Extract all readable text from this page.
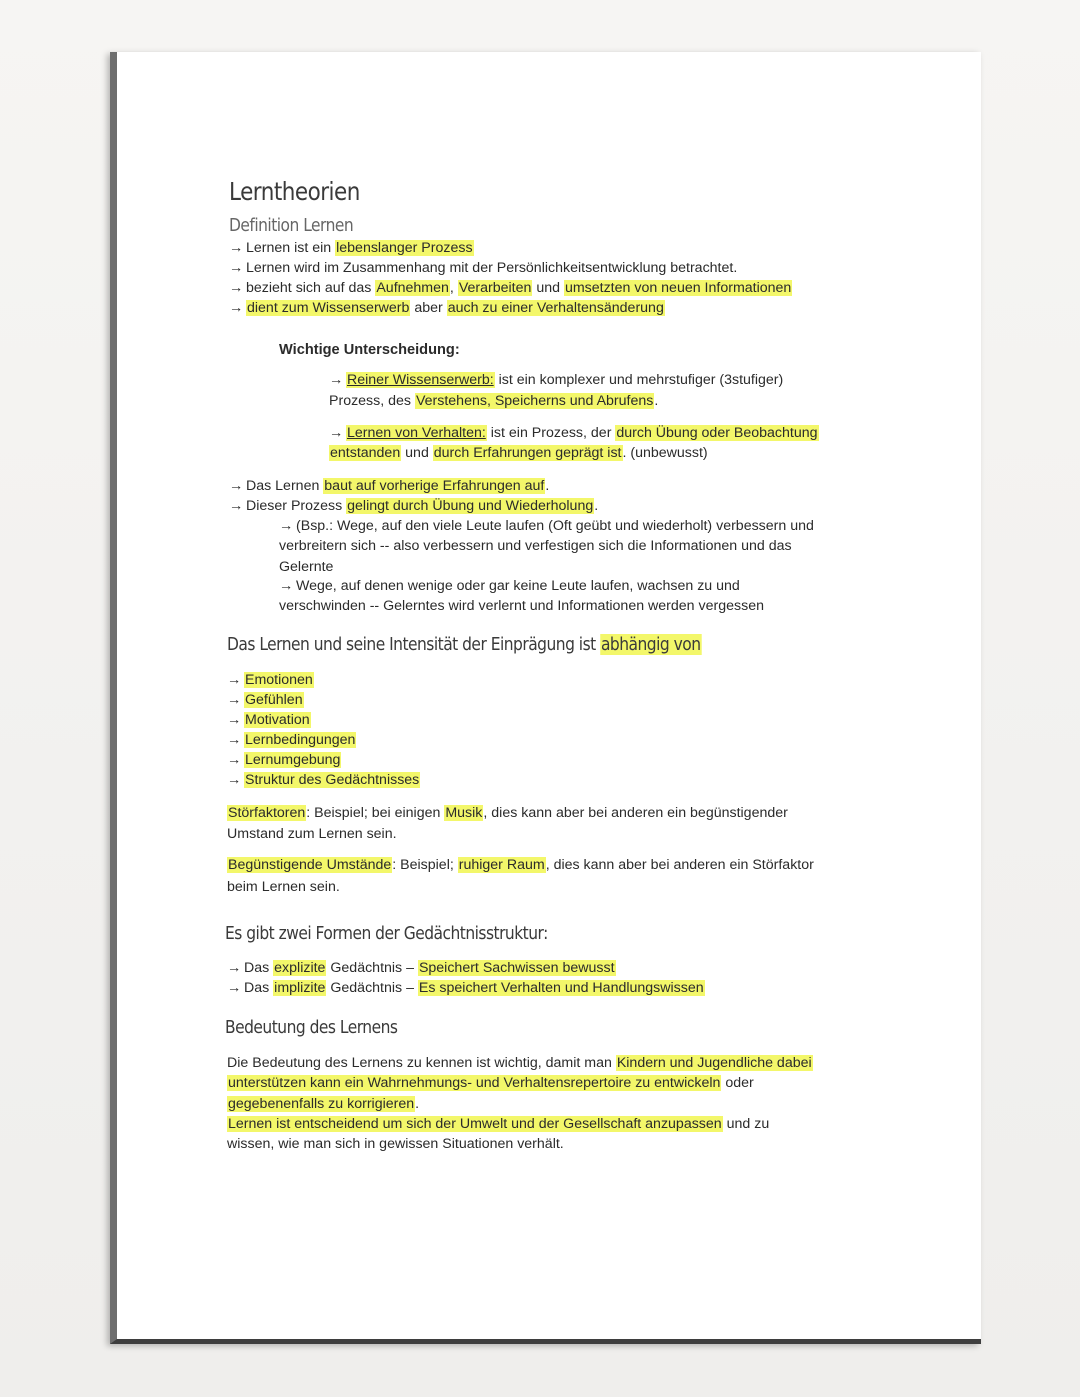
Lerntheorien
Definition Lernen
→ Lernen ist ein lebenslanger Prozess
→ Lernen wird im Zusammenhang mit der Persönlichkeitsentwicklung betrachtet.
→ bezieht sich auf das Aufnehmen, Verarbeiten und umsetzten von neuen Informationen
→ dient zum Wissenserwerb aber auch zu einer Verhaltensänderung
Wichtige Unterscheidung:
→ Reiner Wissenserwerb: ist ein komplexer und mehrstufiger (3stufiger)
Prozess, des Verstehens, Speicherns und Abrufens.
→ Lernen von Verhalten: ist ein Prozess, der durch Übung oder Beobachtung
entstanden und durch Erfahrungen geprägt ist. (unbewusst)
→ Das Lernen baut auf vorherige Erfahrungen auf.
→ Dieser Prozess gelingt durch Übung und Wiederholung.
→ (Bsp.: Wege, auf den viele Leute laufen (Oft geübt und wiederholt) verbessern und
verbreitern sich -- also verbessern und verfestigen sich die Informationen und das
Gelernte
→ Wege, auf denen wenige oder gar keine Leute laufen, wachsen zu und
verschwinden -- Gelerntes wird verlernt und Informationen werden vergessen
Das Lernen und seine Intensität der Einprägung ist abhängig von
→ Emotionen
→ Gefühlen
→ Motivation
→ Lernbedingungen
→ Lernumgebung
→ Struktur des Gedächtnisses
Störfaktoren: Beispiel; bei einigen Musik, dies kann aber bei anderen ein begünstigender
Umstand zum Lernen sein.
Begünstigende Umstände: Beispiel; ruhiger Raum, dies kann aber bei anderen ein Störfaktor
beim Lernen sein.
Es gibt zwei Formen der Gedächtnisstruktur:
→ Das explizite Gedächtnis – Speichert Sachwissen bewusst
→ Das implizite Gedächtnis – Es speichert Verhalten und Handlungswissen
Bedeutung des Lernens
Die Bedeutung des Lernens zu kennen ist wichtig, damit man Kindern und Jugendliche dabei
unterstützen kann ein Wahrnehmungs- und Verhaltensrepertoire zu entwickeln oder
gegebenenfalls zu korrigieren.
Lernen ist entscheidend um sich der Umwelt und der Gesellschaft anzupassen und zu
wissen, wie man sich in gewissen Situationen verhält.
